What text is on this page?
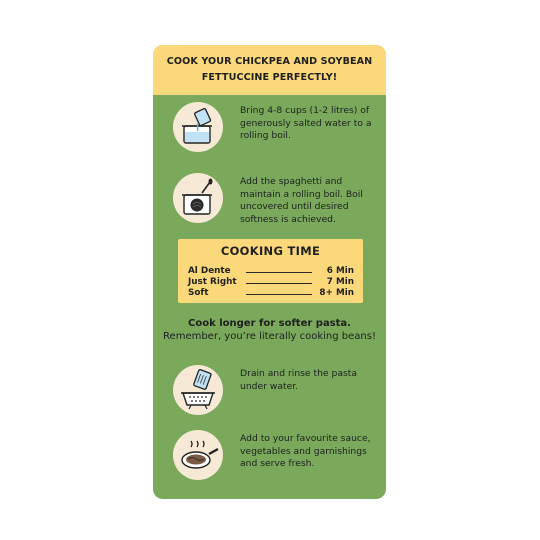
COOK YOUR CHICKPEA AND SOYBEAN FETTUCCINE PERFECTLY!
Bring 4-8 cups (1-2 litres) of generously salted water to a rolling boil.
Add the spaghetti and maintain a rolling boil. Boil uncovered until desired softness is achieved.
COOKING TIME
Al Dente	6 Min
Just Right	7 Min
Soft	8+ Min
Cook longer for softer pasta.
Remember, you’re literally cooking beans!
Drain and rinse the pasta under water.
Add to your favourite sauce, vegetables and garnishings and serve fresh.
